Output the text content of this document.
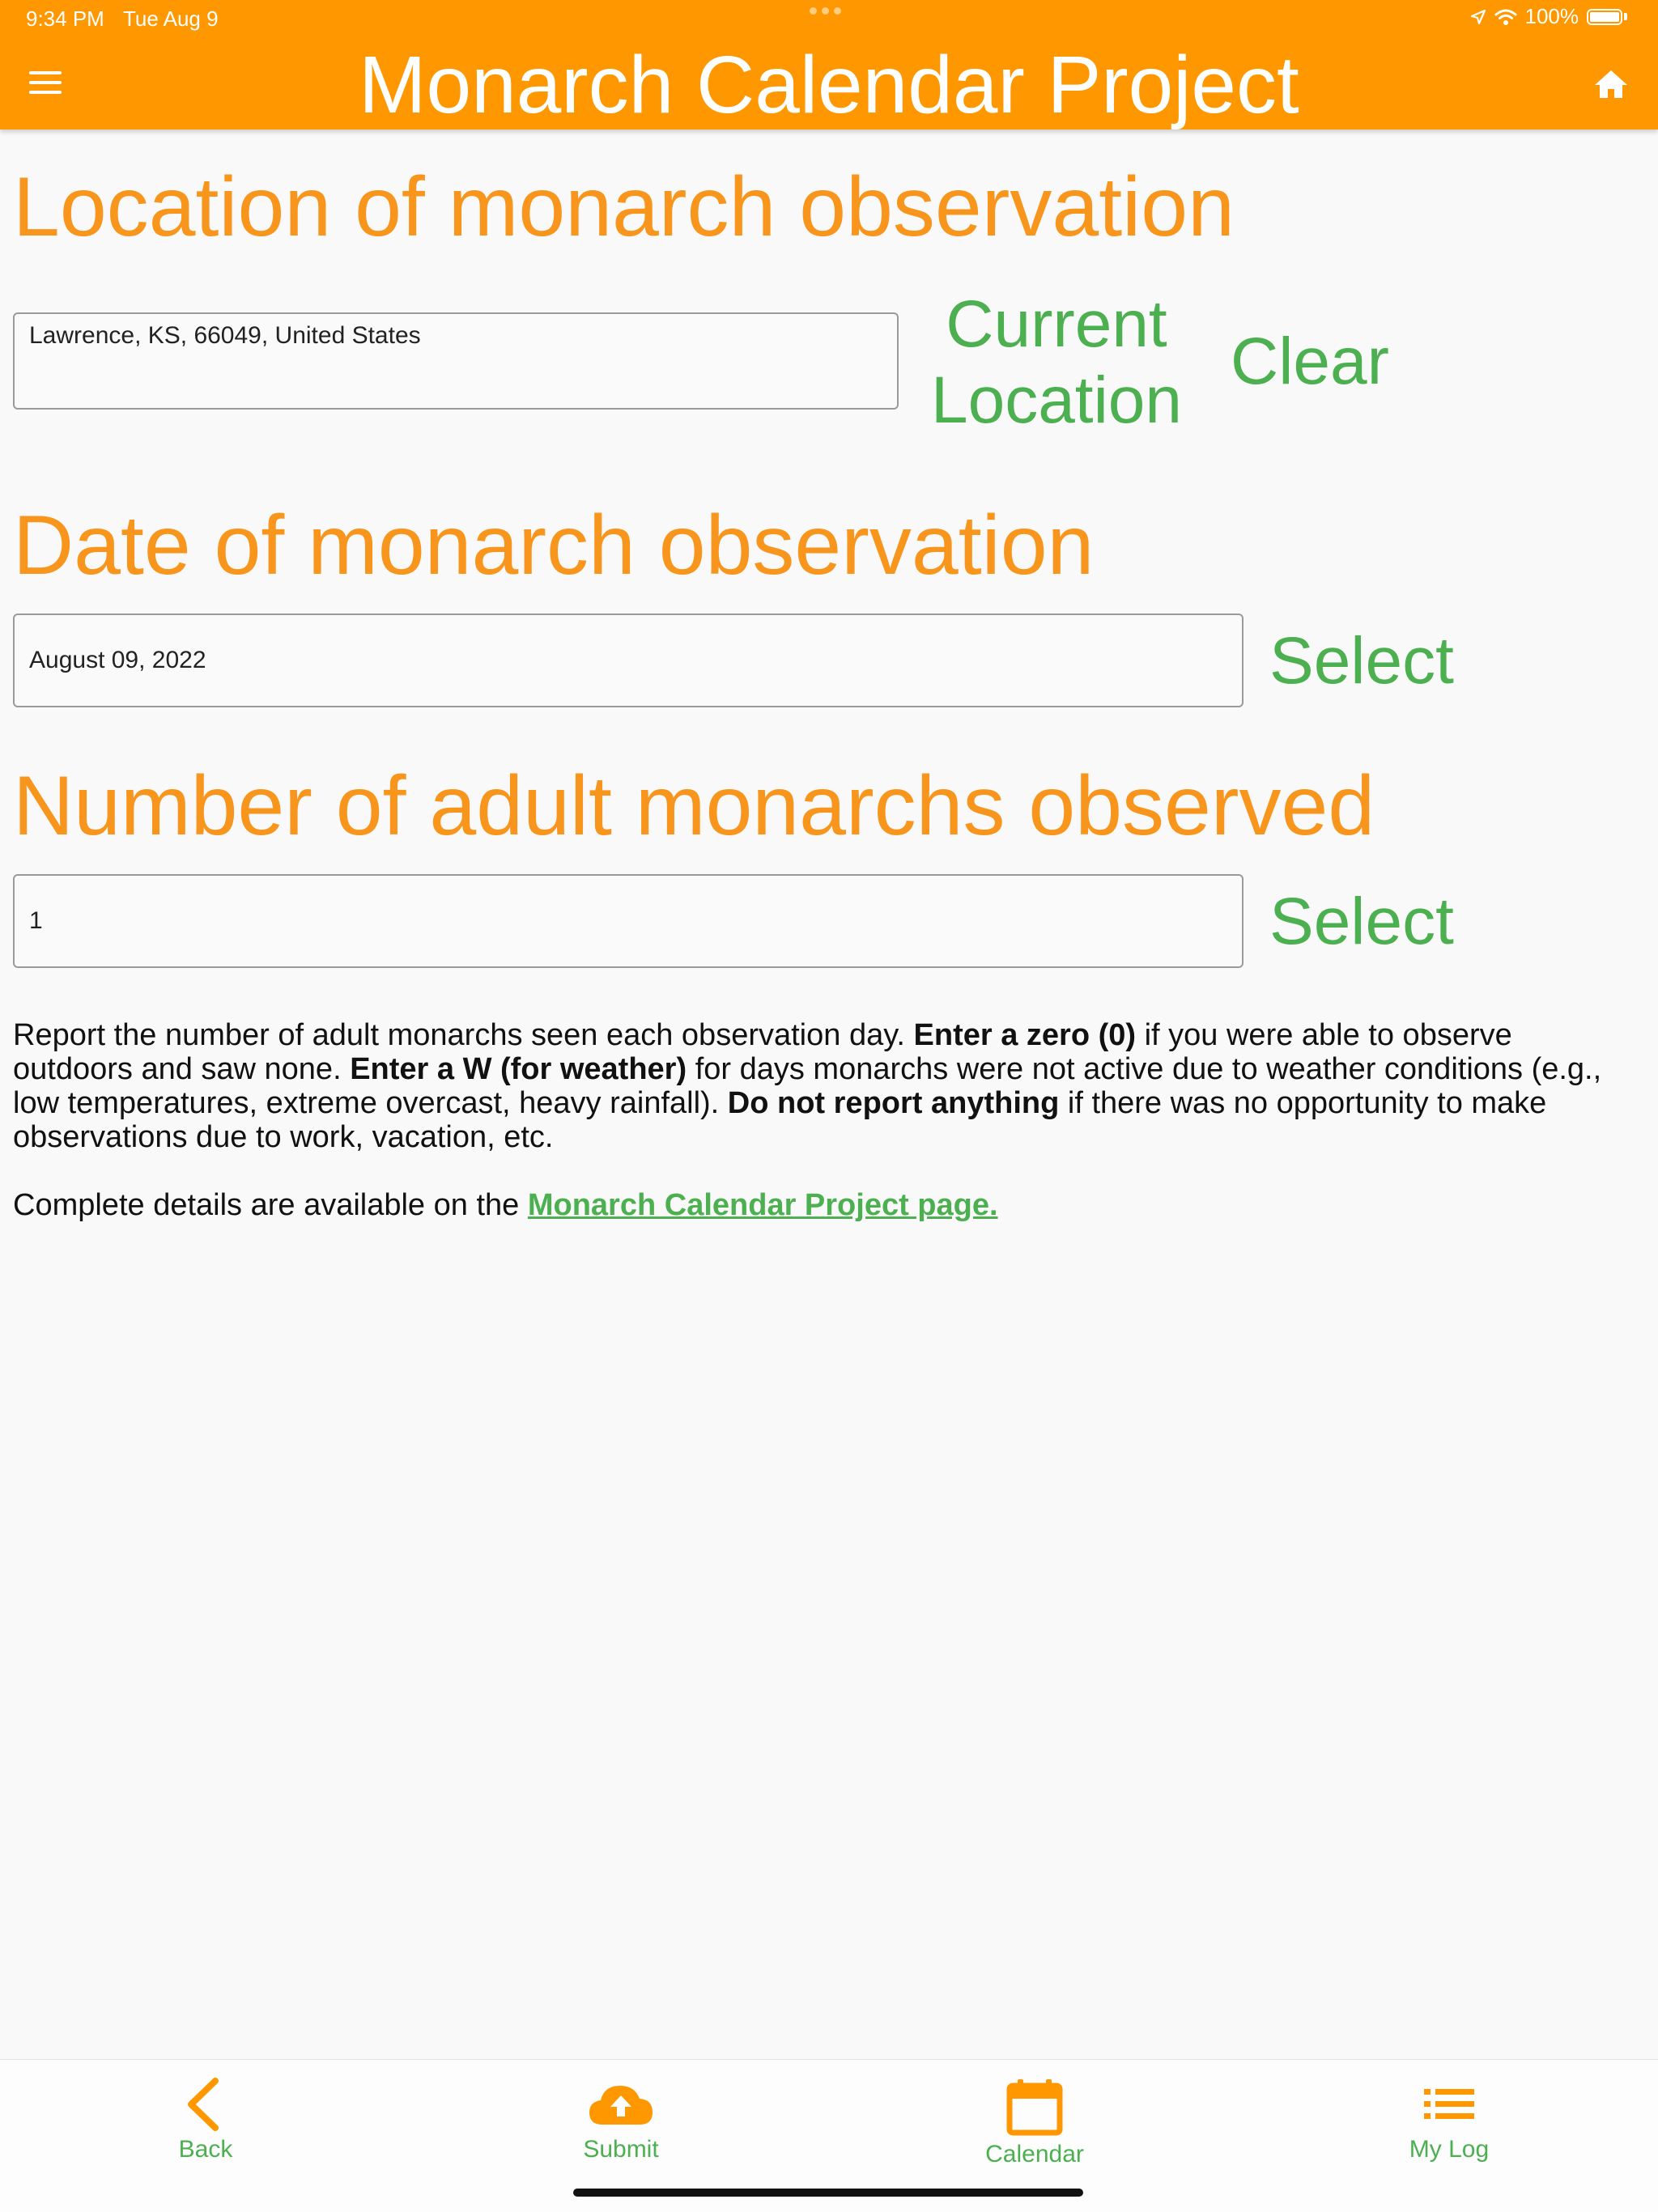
9:34 PM Tue Aug 9	100%
Monarch Calendar Project
Location of monarch observation
Lawrence, KS, 66049, United States
Current
Location
Clear
Date of monarch observation
August 09, 2022
Select
Number of adult monarchs observed
1
Select

Report the number of adult monarchs seen each observation day. Enter a zero (0) if you were able to observe outdoors and saw none. Enter a W (for weather) for days monarchs were not active due to weather conditions (e.g., low temperatures, extreme overcast, heavy rainfall). Do not report anything if there was no opportunity to make observations due to work, vacation, etc.

Complete details are available on the Monarch Calendar Project page.

Back	Submit	Calendar	My Log
